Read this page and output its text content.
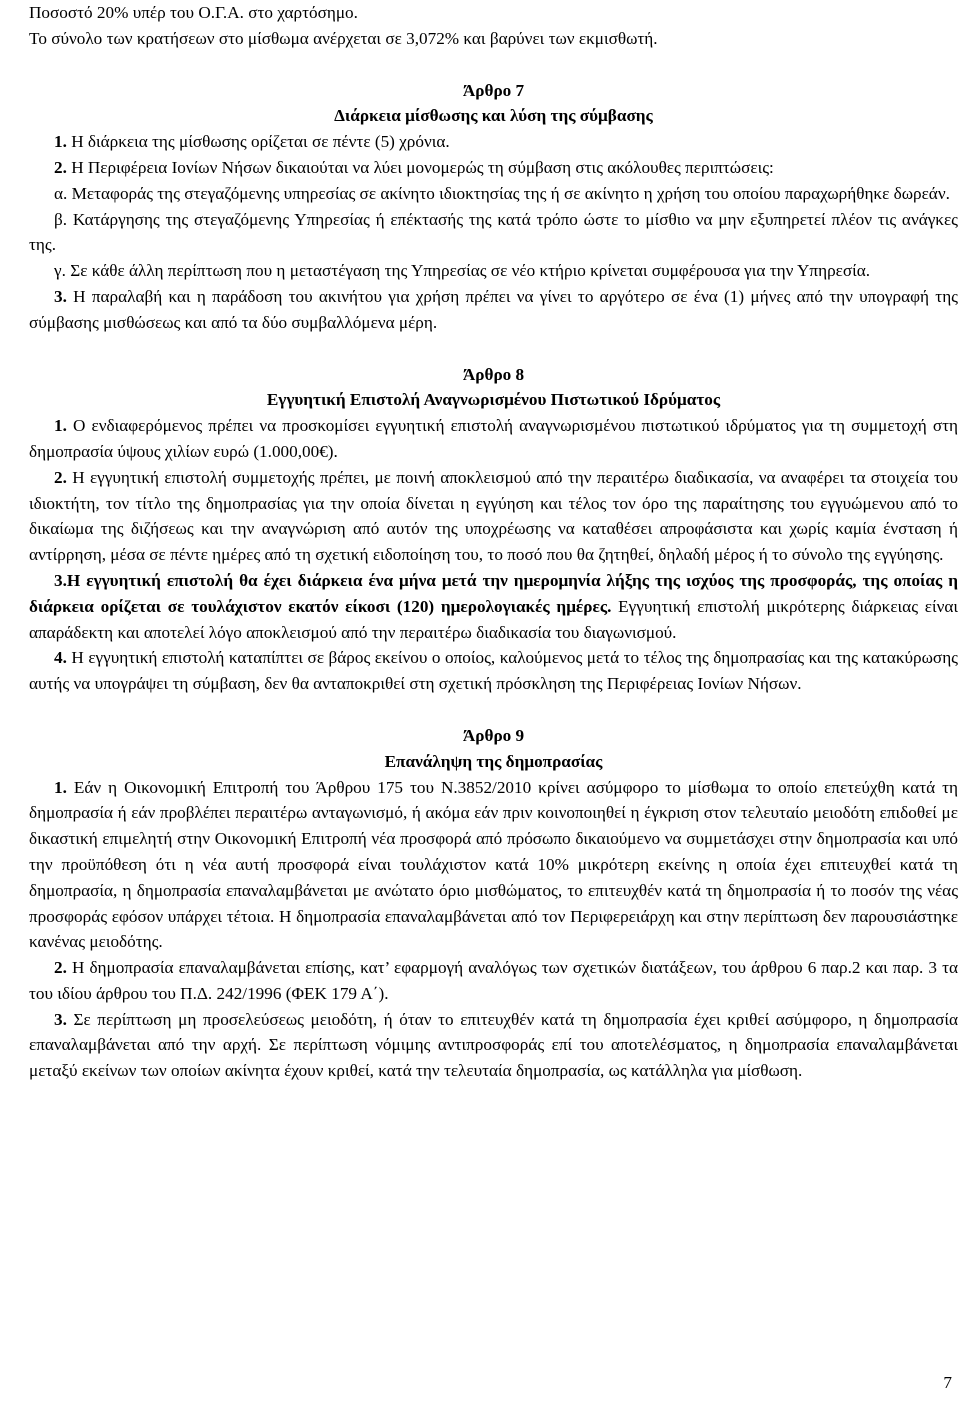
Ποσοστό 20% υπέρ του Ο.Γ.Α. στο χαρτόσημο.

Το σύνολο των κρατήσεων στο μίσθωμα ανέρχεται σε 3,072% και βαρύνει των εκμισθωτή.

Άρθρο 7

Διάρκεια μίσθωσης και λύση της σύμβασης

1. Η διάρκεια της μίσθωσης ορίζεται σε πέντε (5) χρόνια.

2. Η Περιφέρεια Ιονίων Νήσων δικαιούται να λύει μονομερώς τη σύμβαση στις ακόλουθες περιπτώσεις:

α. Μεταφοράς της στεγαζόμενης υπηρεσίας σε ακίνητο ιδιοκτησίας της ή σε ακίνητο η χρήση του οποίου παραχωρήθηκε δωρεάν.

β. Κατάργησης της στεγαζόμενης Υπηρεσίας ή επέκτασής της κατά τρόπο ώστε το μίσθιο να μην εξυπηρετεί πλέον τις ανάγκες της.

γ. Σε κάθε άλλη περίπτωση που η μεταστέγαση της Υπηρεσίας σε νέο κτήριο κρίνεται συμφέρουσα για την Υπηρεσία.

3. Η παραλαβή και η παράδοση του ακινήτου για χρήση πρέπει να γίνει το αργότερο σε ένα (1) μήνες από την υπογραφή της σύμβασης μισθώσεως και από τα δύο συμβαλλόμενα μέρη.

Άρθρο 8

Εγγυητική Επιστολή Αναγνωρισμένου Πιστωτικού Ιδρύματος

1. Ο ενδιαφερόμενος πρέπει να προσκομίσει εγγυητική επιστολή αναγνωρισμένου πιστωτικού ιδρύματος για τη συμμετοχή στη δημοπρασία ύψους χιλίων ευρώ (1.000,00€).

2. Η εγγυητική επιστολή συμμετοχής πρέπει, με ποινή αποκλεισμού από την περαιτέρω διαδικασία, να αναφέρει τα στοιχεία του ιδιοκτήτη, τον τίτλο της δημοπρασίας για την οποία δίνεται η εγγύηση και τέλος τον όρο της παραίτησης του εγγυώμενου από το δικαίωμα της διζήσεως και την αναγνώριση από αυτόν της υποχρέωσης να καταθέσει απροφάσιστα και χωρίς καμία ένσταση ή αντίρρηση, μέσα σε πέντε ημέρες από τη σχετική ειδοποίηση του, το ποσό που θα ζητηθεί, δηλαδή μέρος ή το σύνολο της εγγύησης.

3.Η εγγυητική επιστολή θα έχει διάρκεια ένα μήνα μετά την ημερομηνία λήξης της ισχύος της προσφοράς, της οποίας η διάρκεια ορίζεται σε τουλάχιστον εκατόν είκοσι (120) ημερολογιακές ημέρες. Εγγυητική επιστολή μικρότερης διάρκειας είναι απαράδεκτη και αποτελεί λόγο αποκλεισμού από την περαιτέρω διαδικασία του διαγωνισμού.

4. Η εγγυητική επιστολή καταπίπτει σε βάρος εκείνου ο οποίος, καλούμενος μετά το τέλος της δημοπρασίας και της κατακύρωσης αυτής να υπογράψει τη σύμβαση, δεν θα ανταποκριθεί στη σχετική πρόσκληση της Περιφέρειας Ιονίων Νήσων.

Άρθρο 9

Επανάληψη της δημοπρασίας

1. Εάν η Οικονομική Επιτροπή του Άρθρου 175 του Ν.3852/2010 κρίνει ασύμφορο το μίσθωμα το οποίο επετεύχθη κατά τη δημοπρασία ή εάν προβλέπει περαιτέρω ανταγωνισμό, ή ακόμα εάν πριν κοινοποιηθεί η έγκριση στον τελευταίο μειοδότη επιδοθεί με δικαστική επιμελητή στην Οικονομική Επιτροπή νέα προσφορά από πρόσωπο δικαιούμενο να συμμετάσχει στην δημοπρασία και υπό την προϋπόθεση ότι η νέα αυτή προσφορά είναι τουλάχιστον κατά 10% μικρότερη εκείνης η οποία έχει επιτευχθεί κατά τη δημοπρασία, η δημοπρασία επαναλαμβάνεται με ανώτατο όριο μισθώματος, το επιτευχθέν κατά τη δημοπρασία ή το ποσόν της νέας προσφοράς εφόσον υπάρχει τέτοια. Η δημοπρασία επαναλαμβάνεται από τον Περιφερειάρχη και στην περίπτωση δεν παρουσιάστηκε κανένας μειοδότης.

2. Η δημοπρασία επαναλαμβάνεται επίσης, κατ’ εφαρμογή αναλόγως των σχετικών διατάξεων, του άρθρου 6 παρ.2 και παρ. 3 τα του ιδίου άρθρου του Π.Δ. 242/1996 (ΦΕΚ 179 Α΄).

3. Σε περίπτωση μη προσελεύσεως μειοδότη, ή όταν το επιτευχθέν κατά τη δημοπρασία έχει κριθεί ασύμφορο, η δημοπρασία επαναλαμβάνεται από την αρχή. Σε περίπτωση νόμιμης αντιπροσφοράς επί του αποτελέσματος, η δημοπρασία επαναλαμβάνεται μεταξύ εκείνων των οποίων ακίνητα έχουν κριθεί, κατά την τελευταία δημοπρασία, ως κατάλληλα για μίσθωση.

7
